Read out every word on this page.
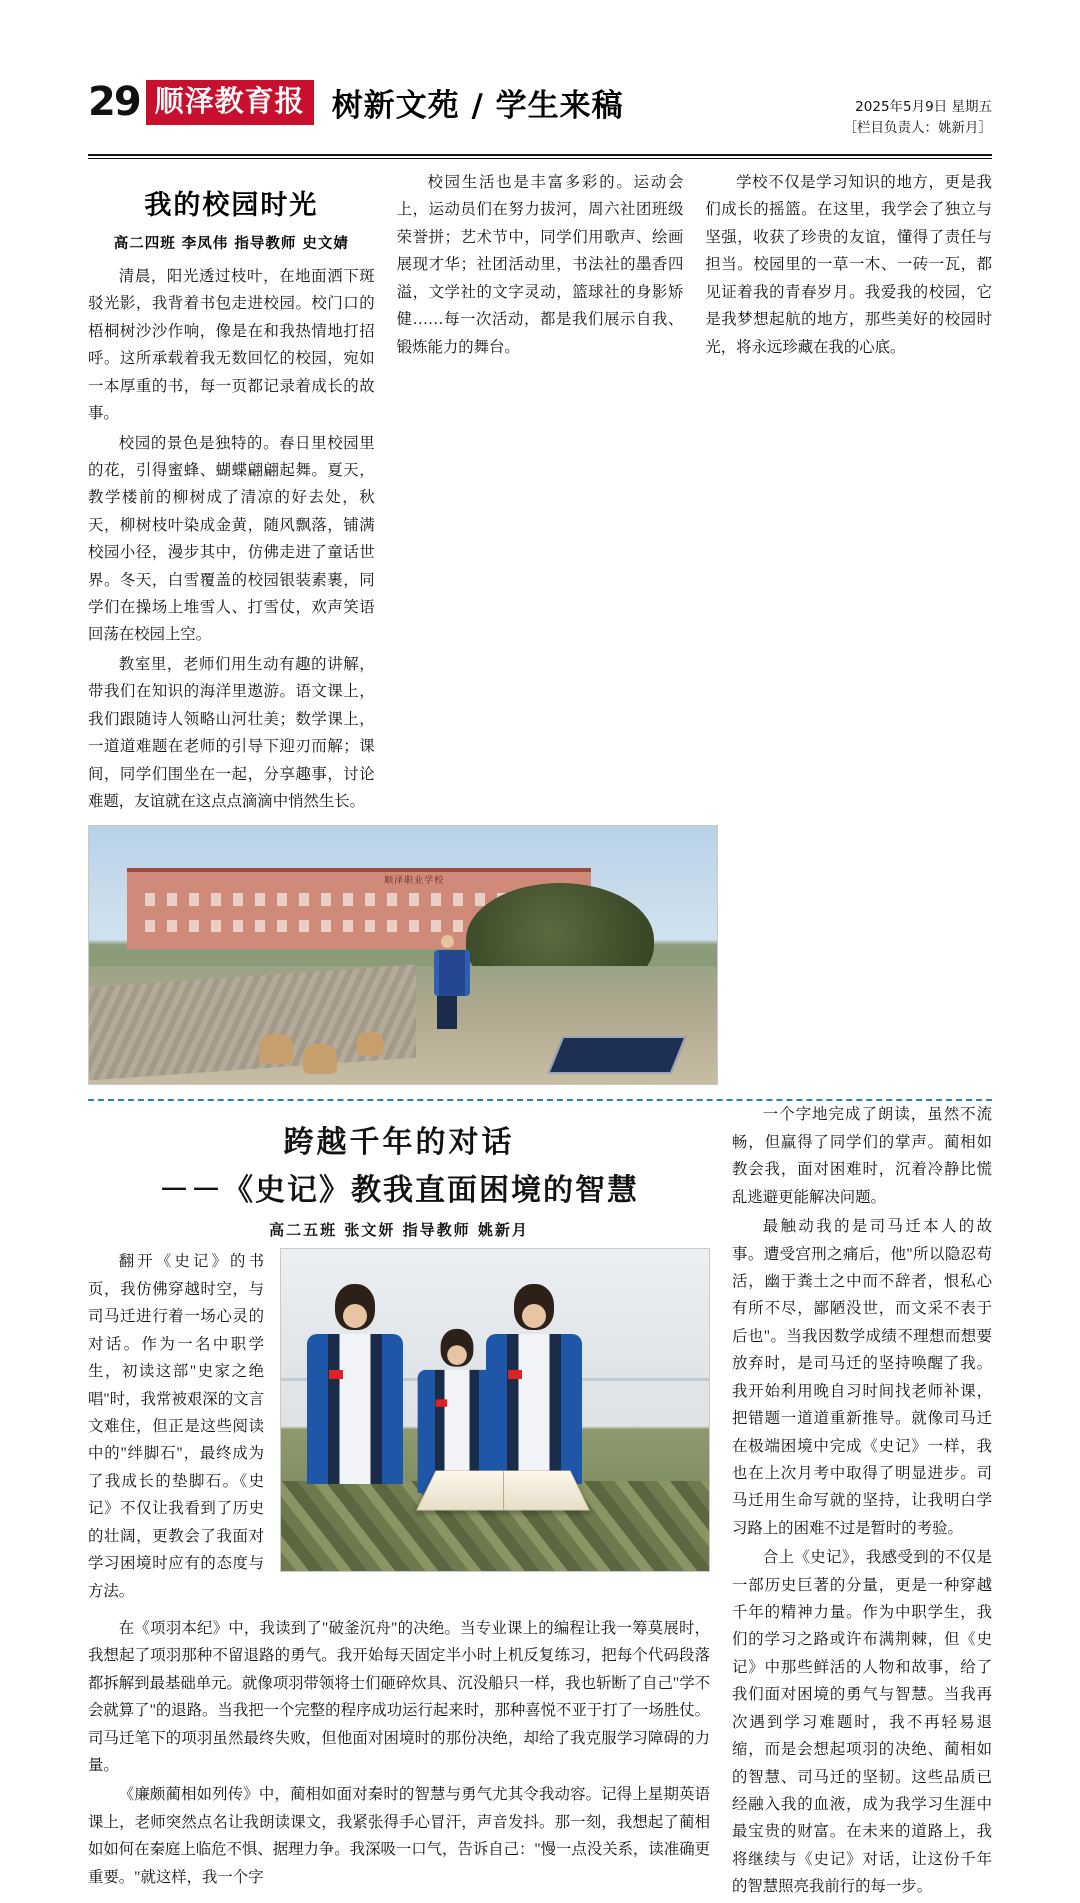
29 顺泽教育报 树新文苑 / 学生来稿	2025年5月9日 星期五
［栏目负责人：姚新月］
我的校园时光
高二四班 李凤伟 指导教师 史文婧

清晨，阳光透过枝叶，在地面洒下斑驳光影，我背着书包走进校园。校门口的梧桐树沙沙作响，像是在和我热情地打招呼。这所承载着我无数回忆的校园，宛如一本厚重的书，每一页都记录着成长的故事。

校园的景色是独特的。春日里校园里的花，引得蜜蜂、蝴蝶翩翩起舞。夏天，教学楼前的柳树成了清凉的好去处，秋天，柳树枝叶染成金黄，随风飘落，铺满校园小径，漫步其中，仿佛走进了童话世界。冬天，白雪覆盖的校园银装素裹，同学们在操场上堆雪人、打雪仗，欢声笑语回荡在校园上空。

教室里，老师们用生动有趣的讲解，带我们在知识的海洋里遨游。语文课上，我们跟随诗人领略山河壮美；数学课上，一道道难题在老师的引导下迎刃而解；课间，同学们围坐在一起，分享趣事，讨论难题，友谊就在这点点滴滴中悄然生长。

校园生活也是丰富多彩的。运动会上，运动员们在努力拔河，周六社团班级荣誉拼；艺术节中，同学们用歌声、绘画展现才华；社团活动里，书法社的墨香四溢，文学社的文字灵动，篮球社的身影矫健……每一次活动，都是我们展示自我、锻炼能力的舞台。

学校不仅是学习知识的地方，更是我们成长的摇篮。在这里，我学会了独立与坚强，收获了珍贵的友谊，懂得了责任与担当。校园里的一草一木、一砖一瓦，都见证着我的青春岁月。我爱我的校园，它是我梦想起航的地方，那些美好的校园时光，将永远珍藏在我的心底。

顺泽职业学校
跨越千年的对话
－－《史记》教我直面困境的智慧
高二五班 张文妍 指导教师 姚新月

翻开《史记》的书页，我仿佛穿越时空，与司马迁进行着一场心灵的对话。作为一名中职学生，初读这部"史家之绝唱"时，我常被艰深的文言文难住，但正是这些阅读中的"绊脚石"，最终成为了我成长的垫脚石。《史记》不仅让我看到了历史的壮阔，更教会了我面对学习困境时应有的态度与方法。

在《项羽本纪》中，我读到了"破釜沉舟"的决绝。当专业课上的编程让我一筹莫展时，我想起了项羽那种不留退路的勇气。我开始每天固定半小时上机反复练习，把每个代码段落都拆解到最基础单元。就像项羽带领将士们砸碎炊具、沉没船只一样，我也斩断了自己"学不会就算了"的退路。当我把一个完整的程序成功运行起来时，那种喜悦不亚于打了一场胜仗。司马迁笔下的项羽虽然最终失败，但他面对困境时的那份决绝，却给了我克服学习障碍的力量。

《廉颇蔺相如列传》中，蔺相如面对秦时的智慧与勇气尤其令我动容。记得上星期英语课上，老师突然点名让我朗读课文，我紧张得手心冒汗，声音发抖。那一刻，我想起了蔺相如如何在秦庭上临危不惧、据理力争。我深吸一口气，告诉自己："慢一点没关系，读准确更重要。"就这样，我一个字

一个字地完成了朗读，虽然不流畅，但赢得了同学们的掌声。蔺相如教会我，面对困难时，沉着冷静比慌乱逃避更能解决问题。

最触动我的是司马迁本人的故事。遭受宫刑之痛后，他"所以隐忍苟活，幽于粪土之中而不辞者，恨私心有所不尽，鄙陋没世，而文采不表于后也"。当我因数学成绩不理想而想要放弃时，是司马迁的坚持唤醒了我。我开始利用晚自习时间找老师补课，把错题一道道重新推导。就像司马迁在极端困境中完成《史记》一样，我也在上次月考中取得了明显进步。司马迁用生命写就的坚持，让我明白学习路上的困难不过是暂时的考验。

合上《史记》，我感受到的不仅是一部历史巨著的分量，更是一种穿越千年的精神力量。作为中职学生，我们的学习之路或许布满荆棘，但《史记》中那些鲜活的人物和故事，给了我们面对困境的勇气与智慧。当我再次遇到学习难题时，我不再轻易退缩，而是会想起项羽的决绝、蔺相如的智慧、司马迁的坚韧。这些品质已经融入我的血液，成为我学习生涯中最宝贵的财富。在未来的道路上，我将继续与《史记》对话，让这份千年的智慧照亮我前行的每一步。
